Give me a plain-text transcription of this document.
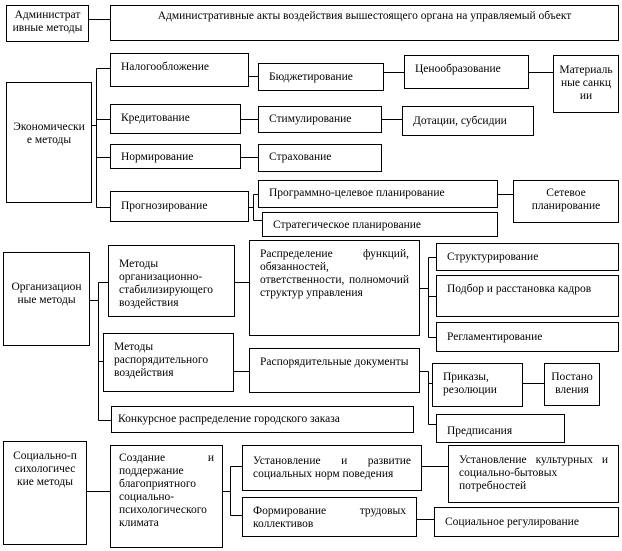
Административные методы
Административные акты воздействия вышестоящего органа на управляемый объект
Экономические методы
Налогообложение
Бюджетирование
Ценообразование	Материальные санкции
Кредитование	Стимулирование	Дотации, субсидии
Нормирование	Страхование
Прогнозирование
Программно-целевое планирование	Сетевое планирование
Стратегическое планирование
Организационные методы
Методы организационно-стабилизирующего воздействия
Распределение функций, обязанностей, ответственности, полномочий структур управления
Структурирование
Подбор и расстановка кадров
Регламентирование
Методы распорядительного воздействия
Распорядительные документы
Приказы, резолюции
Постановления
Предписания
Конкурсное распределение городского заказа
Социально-психологические методы
Создание и поддержание благоприятного социально-психологического климата
Установление и развитие социальных норм поведения
Установление культурных и социально-бытовых потребностей
Формирование трудовых коллективов	Социальное регулирование
